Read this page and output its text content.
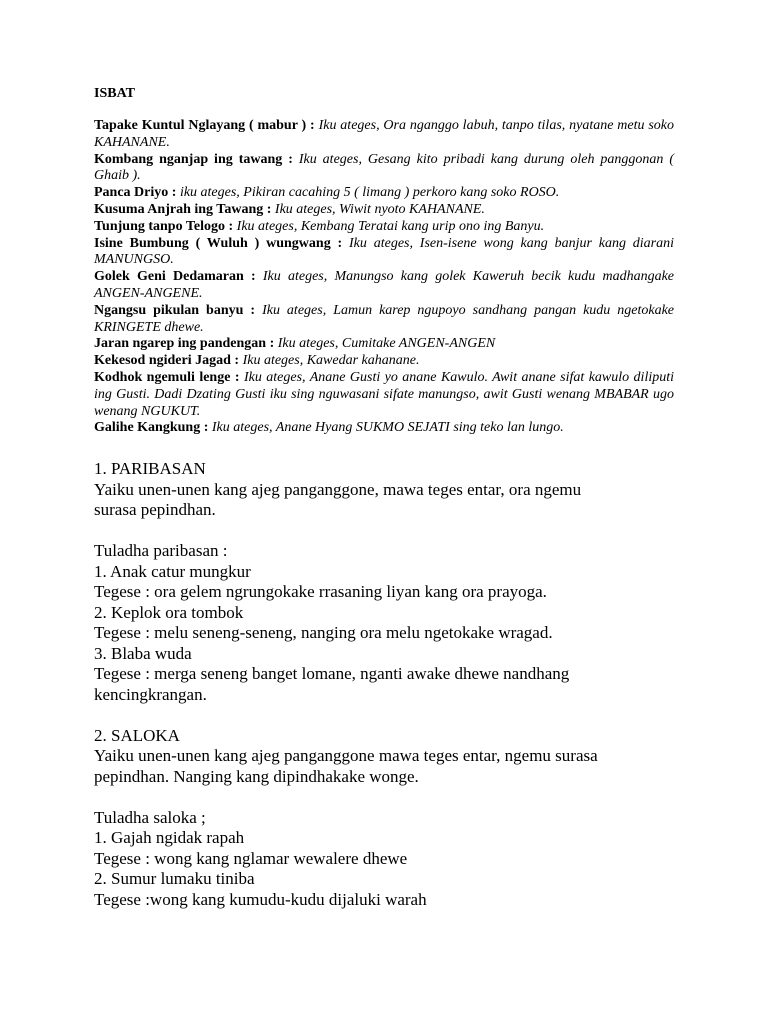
ISBAT

Tapake Kuntul Nglayang ( mabur ) : Iku ateges, Ora nganggo labuh, tanpo tilas, nyatane metu soko KAHANANE.

Kombang nganjap ing tawang : Iku ateges, Gesang kito pribadi kang durung oleh panggonan ( Ghaib ).

Panca Driyo : iku ateges, Pikiran cacahing 5 ( limang ) perkoro kang soko ROSO.

Kusuma Anjrah ing Tawang : Iku ateges, Wiwit nyoto KAHANANE.

Tunjung tanpo Telogo : Iku ateges, Kembang Teratai kang urip ono ing Banyu.

Isine Bumbung ( Wuluh ) wungwang : Iku ateges, Isen-isene wong kang banjur kang diarani MANUNGSO.

Golek Geni Dedamaran : Iku ateges, Manungso kang golek Kaweruh becik kudu madhangake ANGEN-ANGENE.

Ngangsu pikulan banyu : Iku ateges, Lamun karep ngupoyo sandhang pangan kudu ngetokake KRINGETE dhewe.

Jaran ngarep ing pandengan : Iku ateges, Cumitake ANGEN-ANGEN

Kekesod ngideri Jagad : Iku ateges, Kawedar kahanane.

Kodhok ngemuli lenge : Iku ateges, Anane Gusti yo anane Kawulo. Awit anane sifat kawulo diliputi ing Gusti. Dadi Dzating Gusti iku sing nguwasani sifate manungso, awit Gusti wenang MBABAR ugo wenang NGUKUT.

Galihe Kangkung : Iku ateges, Anane Hyang SUKMO SEJATI sing teko lan lungo.

1. PARIBASAN
Yaiku unen-unen kang ajeg panganggone, mawa teges entar, ora ngemu
surasa pepindhan.
Tuladha paribasan :
1. Anak catur mungkur
Tegese : ora gelem ngrungokake rrasaning liyan kang ora prayoga.
2. Keplok ora tombok
Tegese : melu seneng-seneng, nanging ora melu ngetokake wragad.
3. Blaba wuda
Tegese : merga seneng banget lomane, nganti awake dhewe nandhang
kencingkrangan.
2. SALOKA
Yaiku unen-unen kang ajeg panganggone mawa teges entar, ngemu surasa
pepindhan. Nanging kang dipindhakake wonge.
Tuladha saloka ;
1. Gajah ngidak rapah
Tegese : wong kang nglamar wewalere dhewe
2. Sumur lumaku tiniba
Tegese :wong kang kumudu-kudu dijaluki warah
